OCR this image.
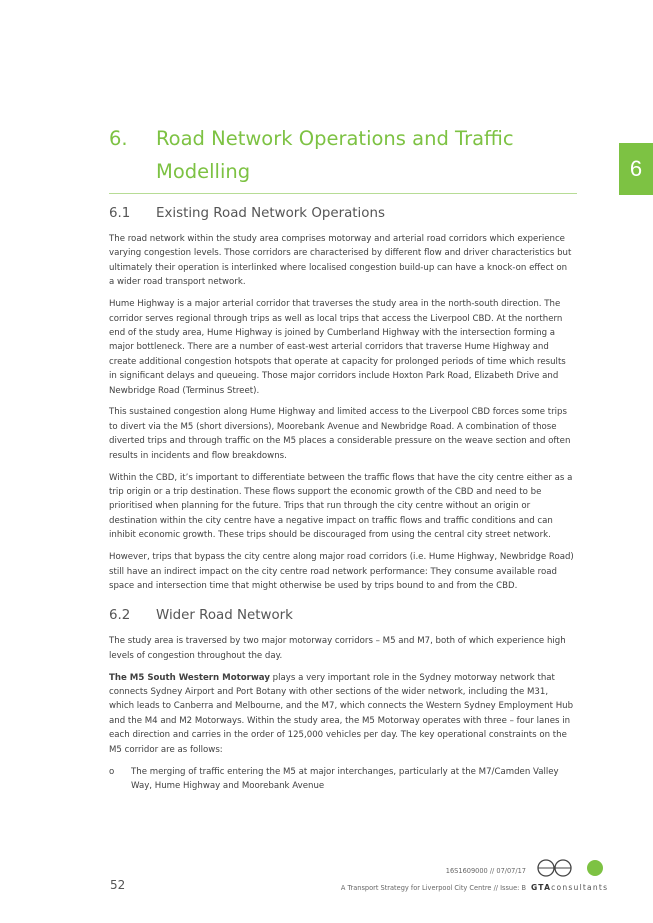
6
6. Road Network Operations and Traffic Modelling
6.1	Existing Road Network Operations

The road network within the study area comprises motorway and arterial road corridors which experience varying congestion levels. Those corridors are characterised by different flow and driver characteristics but ultimately their operation is interlinked where localised congestion build-up can have a knock-on effect on a wider road transport network.

Hume Highway is a major arterial corridor that traverses the study area in the north-south direction. The corridor serves regional through trips as well as local trips that access the Liverpool CBD. At the northern end of the study area, Hume Highway is joined by Cumberland Highway with the intersection forming a major bottleneck. There are a number of east-west arterial corridors that traverse Hume Highway and create additional congestion hotspots that operate at capacity for prolonged periods of time which results in significant delays and queueing. Those major corridors include Hoxton Park Road, Elizabeth Drive and Newbridge Road (Terminus Street).

This sustained congestion along Hume Highway and limited access to the Liverpool CBD forces some trips to divert via the M5 (short diversions), Moorebank Avenue and Newbridge Road. A combination of those diverted trips and through traffic on the M5 places a considerable pressure on the weave section and often results in incidents and flow breakdowns.

Within the CBD, it’s important to differentiate between the traffic flows that have the city centre either as a trip origin or a trip destination. These flows support the economic growth of the CBD and need to be prioritised when planning for the future. Trips that run through the city centre without an origin or destination within the city centre have a negative impact on traffic flows and traffic conditions and can inhibit economic growth. These trips should be discouraged from using the central city street network.

However, trips that bypass the city centre along major road corridors (i.e. Hume Highway, Newbridge Road) still have an indirect impact on the city centre road network performance: They consume available road space and intersection time that might otherwise be used by trips bound to and from the CBD.

6.2	Wider Road Network

The study area is traversed by two major motorway corridors – M5 and M7, both of which experience high levels of congestion throughout the day.

The M5 South Western Motorway plays a very important role in the Sydney motorway network that connects Sydney Airport and Port Botany with other sections of the wider network, including the M31, which leads to Canberra and Melbourne, and the M7, which connects the Western Sydney Employment Hub and the M4 and M2 Motorways. Within the study area, the M5 Motorway operates with three – four lanes in each direction and carries in the order of 125,000 vehicles per day. The key operational constraints on the M5 corridor are as follows:

o	The merging of traffic entering the M5 at major interchanges, particularly at the M7/Camden Valley Way, Hume Highway and Moorebank Avenue
52
16S1609000 // 07/07/17
A Transport Strategy for Liverpool City Centre // Issue: B GTAconsultants
